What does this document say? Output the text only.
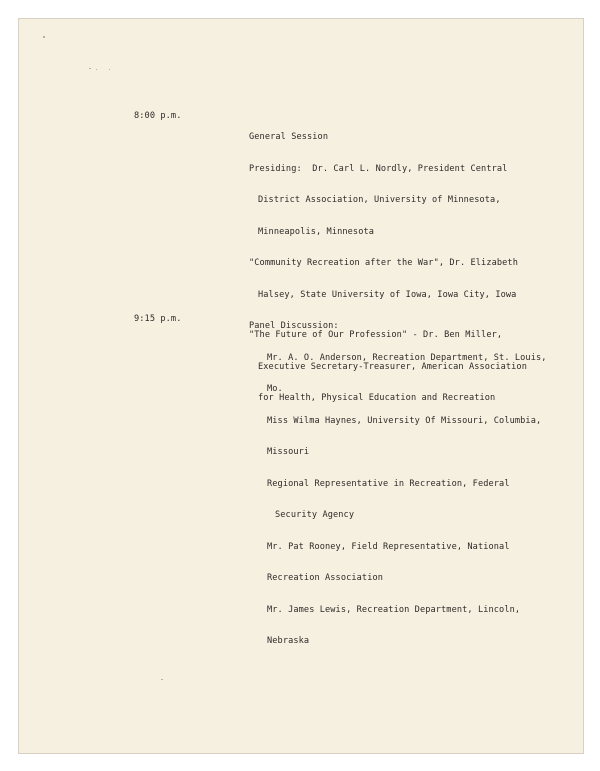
8:00 p.m.

General Session

Presiding:  Dr. Carl L. Nordly, President Central

District Association, University of Minnesota,

Minneapolis, Minnesota

"Community Recreation after the War", Dr. Elizabeth

Halsey, State University of Iowa, Iowa City, Iowa

Panel Discussion:

Mr. A. O. Anderson, Recreation Department, St. Louis,

Mo.

Miss Wilma Haynes, University Of Missouri, Columbia,

Missouri

Regional Representative in Recreation, Federal

Security Agency

Mr. Pat Rooney, Field Representative, National

Recreation Association

Mr. James Lewis, Recreation Department, Lincoln,

Nebraska

9:15 p.m.

"The Future of Our Profession" - Dr. Ben Miller,

Executive Secretary-Treasurer, American Association

for Health, Physical Education and Recreation
